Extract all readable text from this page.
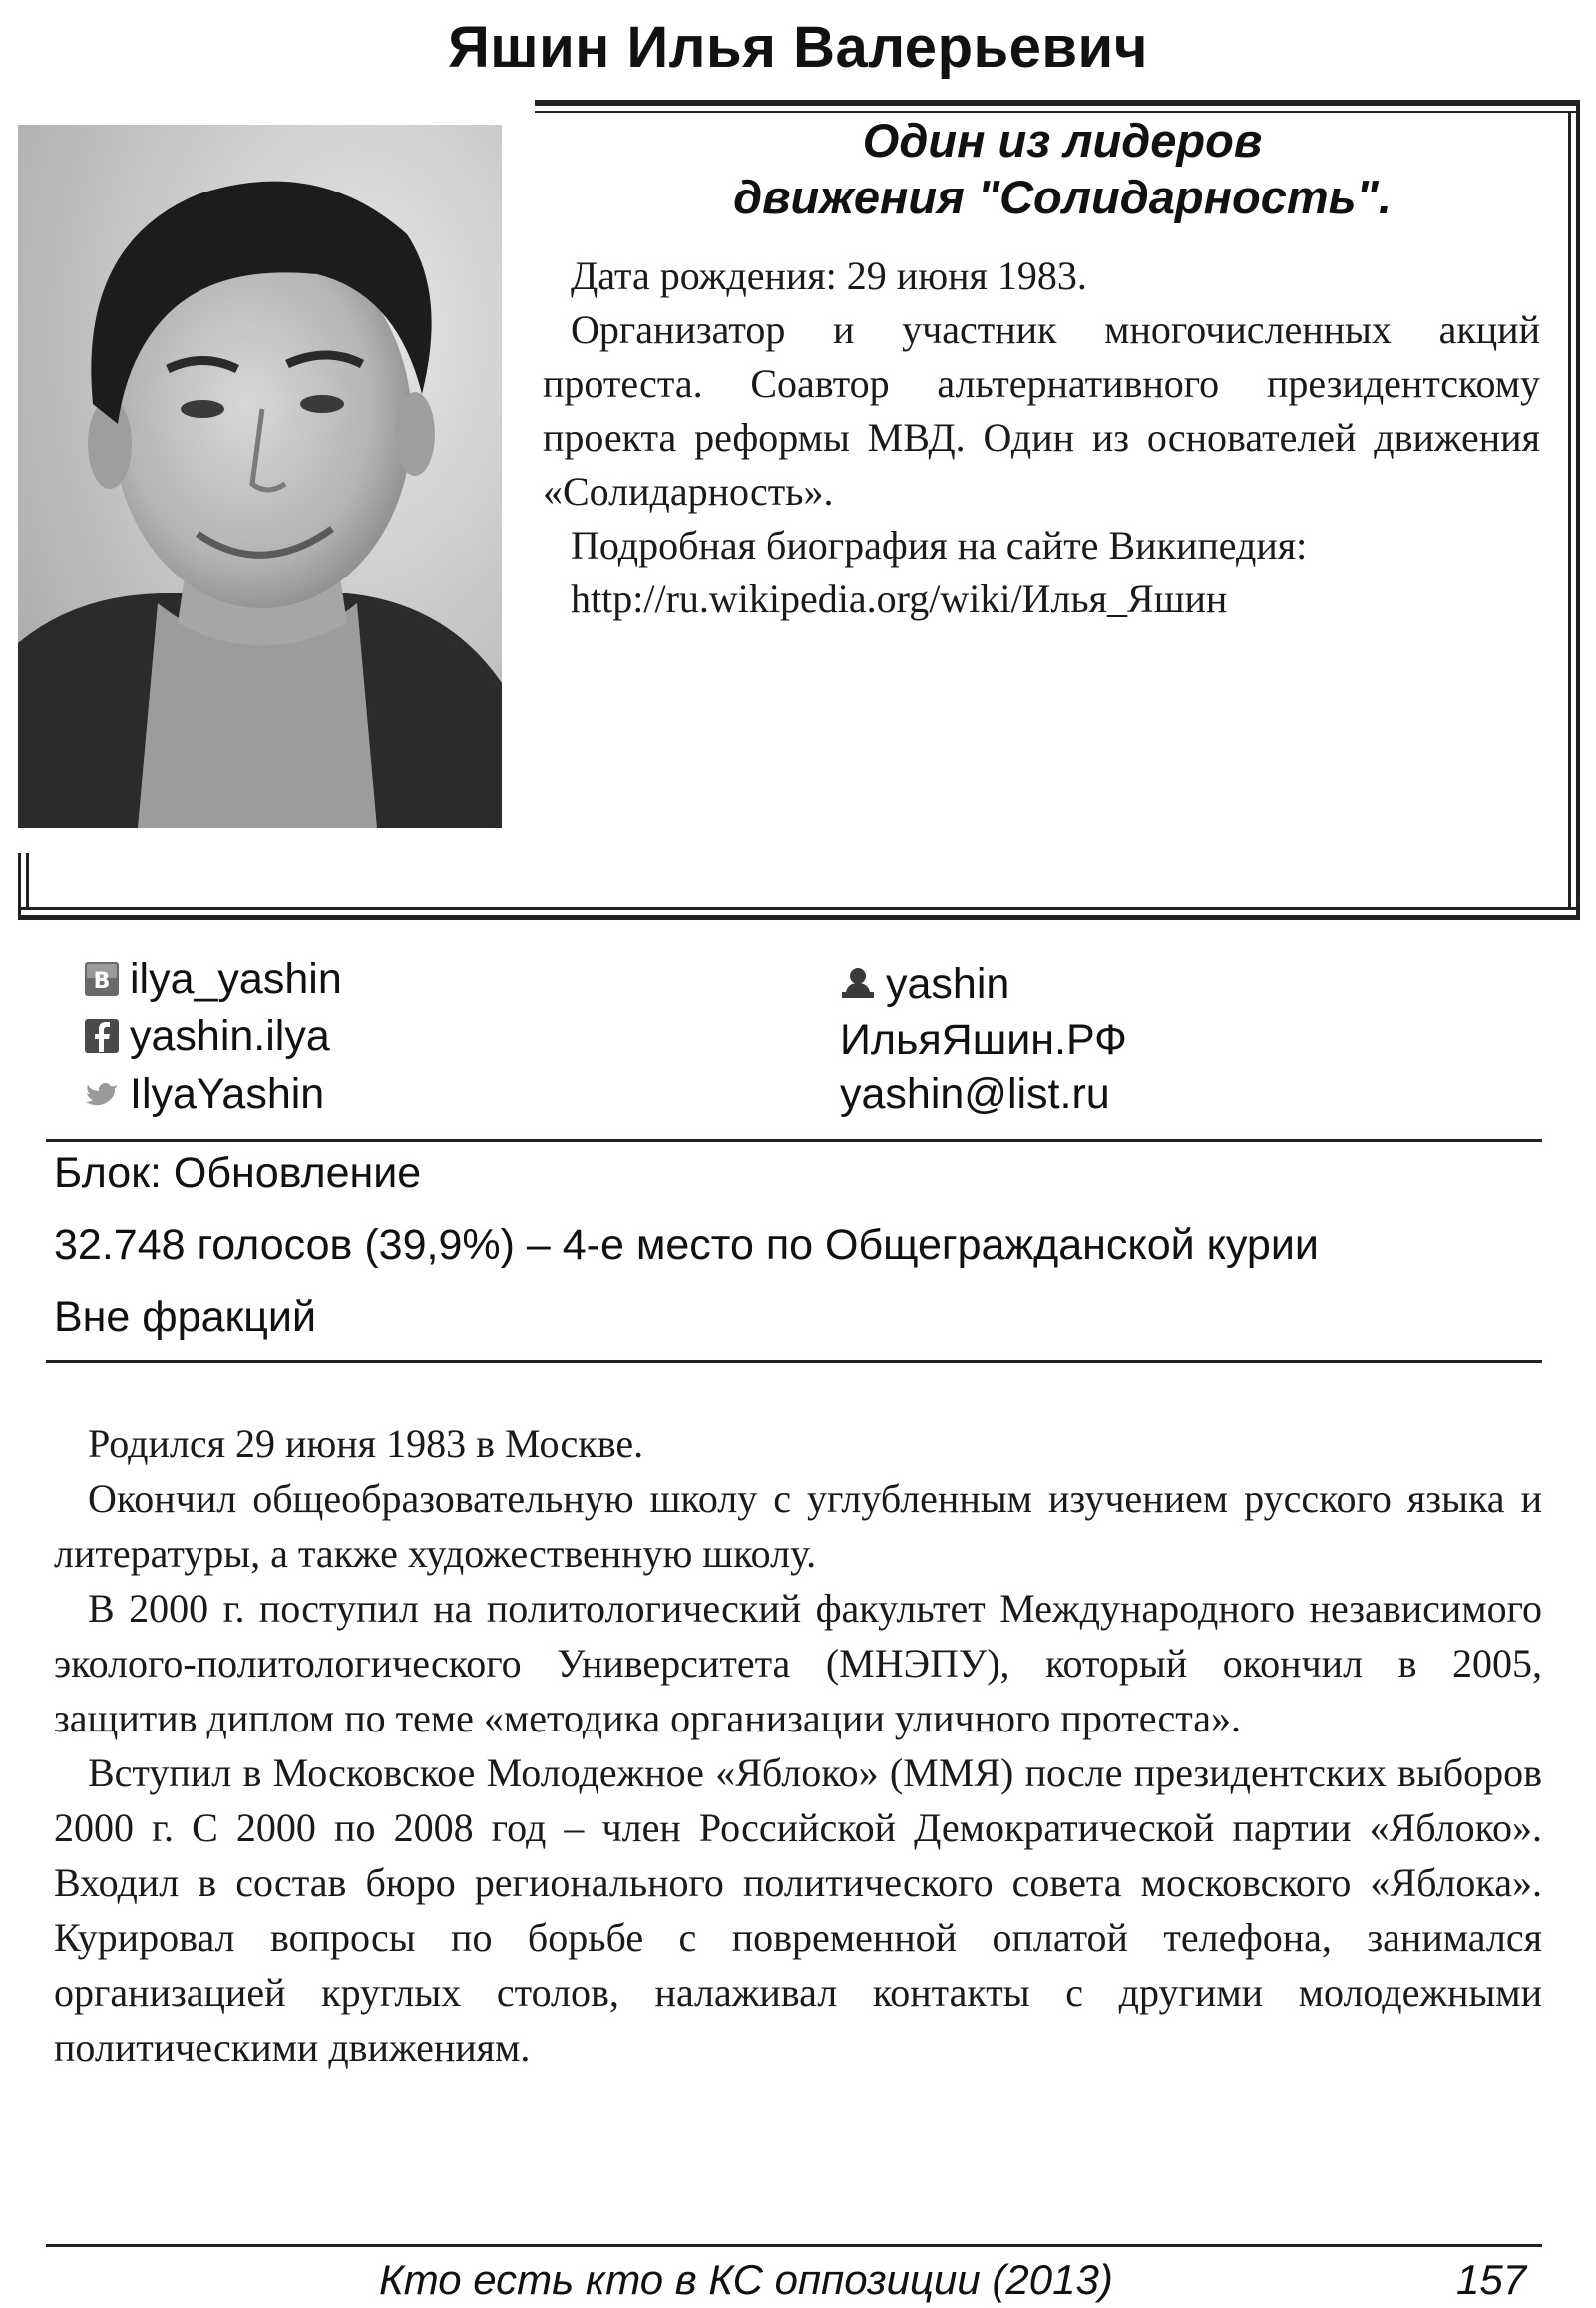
Яшин Илья Валерьевич
Один из лидеров
движения "Солидарность".

Дата рождения: 29 июня 1983.

Организатор и участник многочисленных акций протеста. Соавтор альтернативного президентскому проекта реформы МВД. Один из основателей движения «Солидарность».

Подробная биография на сайте Википедия:

http://ru.wikipedia.org/wiki/Илья_Яшин

B ilya_yashin
yashin.ilya
IlyaYashin
yashin
ИльяЯшин.РФ
yashin@list.ru
Блок: Обновление
32.748 голосов (39,9%) – 4-е место по Общегражданской курии
Вне фракций

Родился 29 июня 1983 в Москве.

Окончил общеобразовательную школу с углубленным изучением русского языка и литературы, а также художественную школу.

В 2000 г. поступил на политологический факультет Международного независимого эколого-политологического Университета (МНЭПУ), который окончил в 2005, защитив диплом по теме «методика организации уличного протеста».

Вступил в Московское Молодежное «Яблоко» (ММЯ) после президентских выборов 2000 г. С 2000 по 2008 год – член Российской Демократической партии «Яблоко». Входил в состав бюро регионального политического совета московского «Яблока». Курировал вопросы по борьбе с повременной оплатой телефона, занимался организацией круглых столов, налаживал контакты с другими молодежными политическими движениям.

Кто есть кто в КС оппозиции (2013)	157
